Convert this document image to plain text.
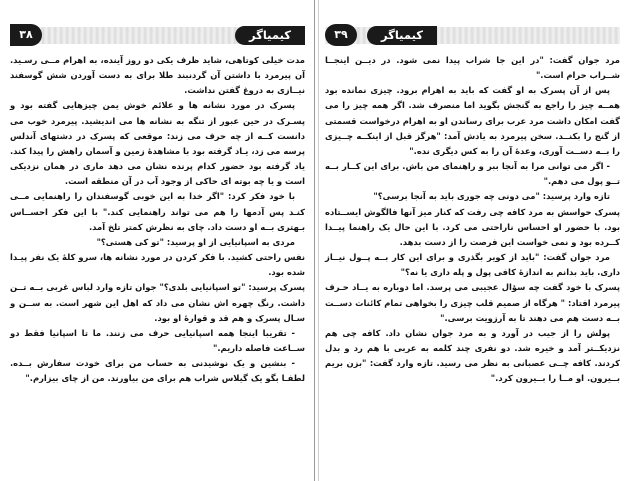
۳۸	کیمیاگر

مدت خیلی کوتاهی، شاید ظرف یکی دو روز آینده، به اهرام مــی رسـید. آن پیرمرد با داشتن آن گردنبند طلا برای به دست آوردن شش گوسفند نیــازی به دروغ گفتن نداشت.

پسرک در مورد نشانه ها و علائم خوش یمن چیزهایی گفته بود و پسـرک در حین عبور از تنگه به نشانه ها می اندیشید. پیرمرد خوب می دانست کــه از چه حرف می زند: موقعی که پسرک در دشتهای آندلس پرسه می زد، یـاد گرفته بود با مشاهدهٔ زمین و آسمان راهش را پیدا کند. یاد گرفته بود حضور کدام پرنده نشان می دهد ماری در همان نزدیکی است و یا چه بوته ای حاکی از وجود آب در آن منطقه است.

با خود فکر کرد: "اگر خدا به این خوبی گوسفندان را راهنمایی مــی کنـد پس آدمها را هم می تواند راهنمایی کند." با این فکر احســاس بـهتری بــه او دست داد. چای به نظرش کمتر تلخ آمد.

مردی به اسپانیایی از او پرسید: "تو کی هستی؟"

نفس راحتی کشید. با فکر کردن در مورد نشانه ها، سرو کلهٔ یک نفر پیـدا شده بود.

پسرک پرسید: "تو اسپانیایی بلدی؟" جوان تازه وارد لباس غربی بــه تــن داشت. رنگ چهره اش نشان می داد که اهل این شهر است. به ســن و سـال پسرک و هم قد و قوارهٔ او بود.

- تقریبا اینجا همه اسپانیایی حرف می زنند. ما تا اسپانیا فقط دو ســاعت فاصله داریم."

- بنشین و یک نوشیدنی به حساب من برای خودت سفارش بــده. لطفـا بگو یک گیلاس شراب هم برای من بیاورند. من از چای بیزارم."

۳۹	کیمیاگر

مرد جوان گفت: "در این جا شراب پیدا نمی شود. در دیــن اینجــا شــراب حرام است."

پس از آن پسرک به او گفت که باید به اهرام برود. چیزی نمانده بود همــه چیز را راجع به گنجش بگوید اما منصرف شد. اگر همه چیز را می گفت امکان داشت مرد عرب برای رساندن او به اهرام درخواست قسمتی از گنج را بکنــد. سخن پیرمرد به یادش آمد: "هرگز قبل از اینکــه چــیزی را بــه دســت آوری، وعدهٔ آن را به کس دیگری نده."

- اگر می توانی مرا به آنجا ببر و راهنمای من باش. برای این کــار بــه تــو پول می دهم."

تازه وارد پرسید: "می دونی چه جوری باید به آنجا برسی؟"

پسرک حواسش به مرد کافه چی رفت که کنار میز آنها فالگوش ایســتاده بود. با حضور او احساس ناراحتی می کرد. با این حال یک راهنما پیــدا کــرده بود و نمی خواست این فرصت را از دست بدهد.

مرد جوان گفت: "باید از کویر بگذری و برای این کار بــه پــول نیــاز داری. باید بدانم به اندازهٔ کافی پول و پله داری یا نه؟"

پسرک با خود گفت چه سؤال عجیبی می پرسد. اما دوباره به یــاد حـرف پیرمرد افتاد: " هرگاه از صمیم قلب چیزی را بخواهی تمام کائنات دســت بــه دست هم می دهند تا به آرزویت برسی."

پولش را از جیب در آورد و به مرد جوان نشان داد. کافه چی هم نزدیکــتر آمد و خیره شد. دو نفری چند کلمه به عربی با هم رد و بدل کردند. کافه چــی عصبانی به نظر می رسید. تازه وارد گفت: "بزن بریم بــیرون. او مــا را بــیرون کرد."
